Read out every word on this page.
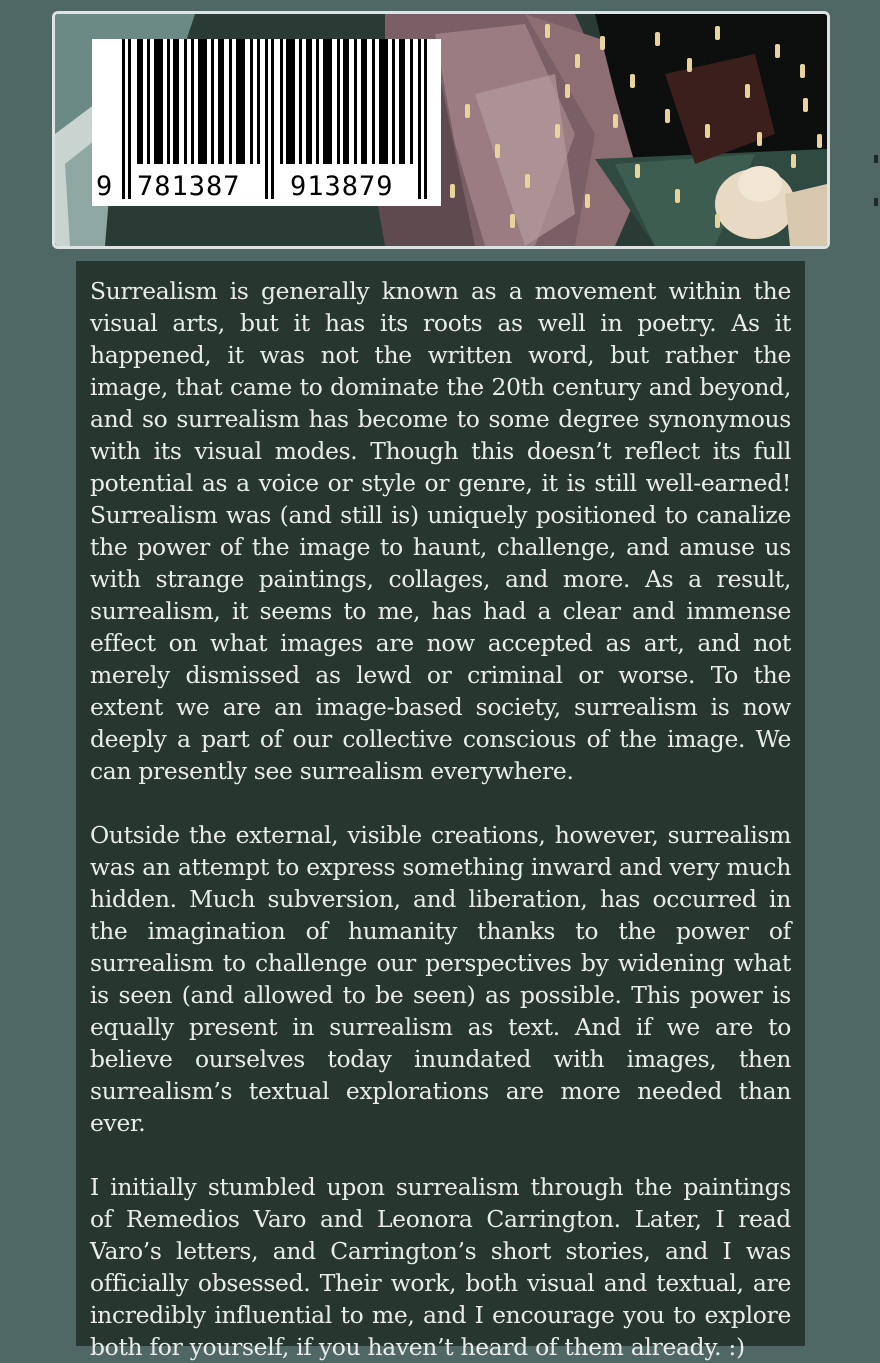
9 781387 913879

Surrealism is generally known as a movement within the visual arts, but it has its roots as well in poetry. As it happened, it was not the written word, but rather the image, that came to dominate the 20th century and beyond, and so surrealism has become to some degree synonymous with its visual modes. Though this doesn’t reflect its full potential as a voice or style or genre, it is still well-earned! Surrealism was (and still is) uniquely positioned to canalize the power of the image to haunt, challenge, and amuse us with strange paintings, collages, and more. As a result, surrealism, it seems to me, has had a clear and immense effect on what images are now accepted as art, and not merely dismissed as lewd or criminal or worse. To the extent we are an image-based society, surrealism is now deeply a part of our collective conscious of the image. We can presently see surrealism everywhere.

Outside the external, visible creations, however, surrealism was an attempt to express something inward and very much hidden. Much subversion, and liberation, has occurred in the imagination of humanity thanks to the power of surrealism to challenge our perspectives by widening what is seen (and allowed to be seen) as possible. This power is equally present in surrealism as text. And if we are to believe ourselves today inundated with images, then surrealism’s textual explorations are more needed than ever.

I initially stumbled upon surrealism through the paintings of Remedios Varo and Leonora Carrington. Later, I read Varo’s letters, and Carrington’s short stories, and I was officially obsessed. Their work, both visual and textual, are incredibly influential to me, and I encourage you to explore both for yourself, if you haven’t heard of them already. :)
